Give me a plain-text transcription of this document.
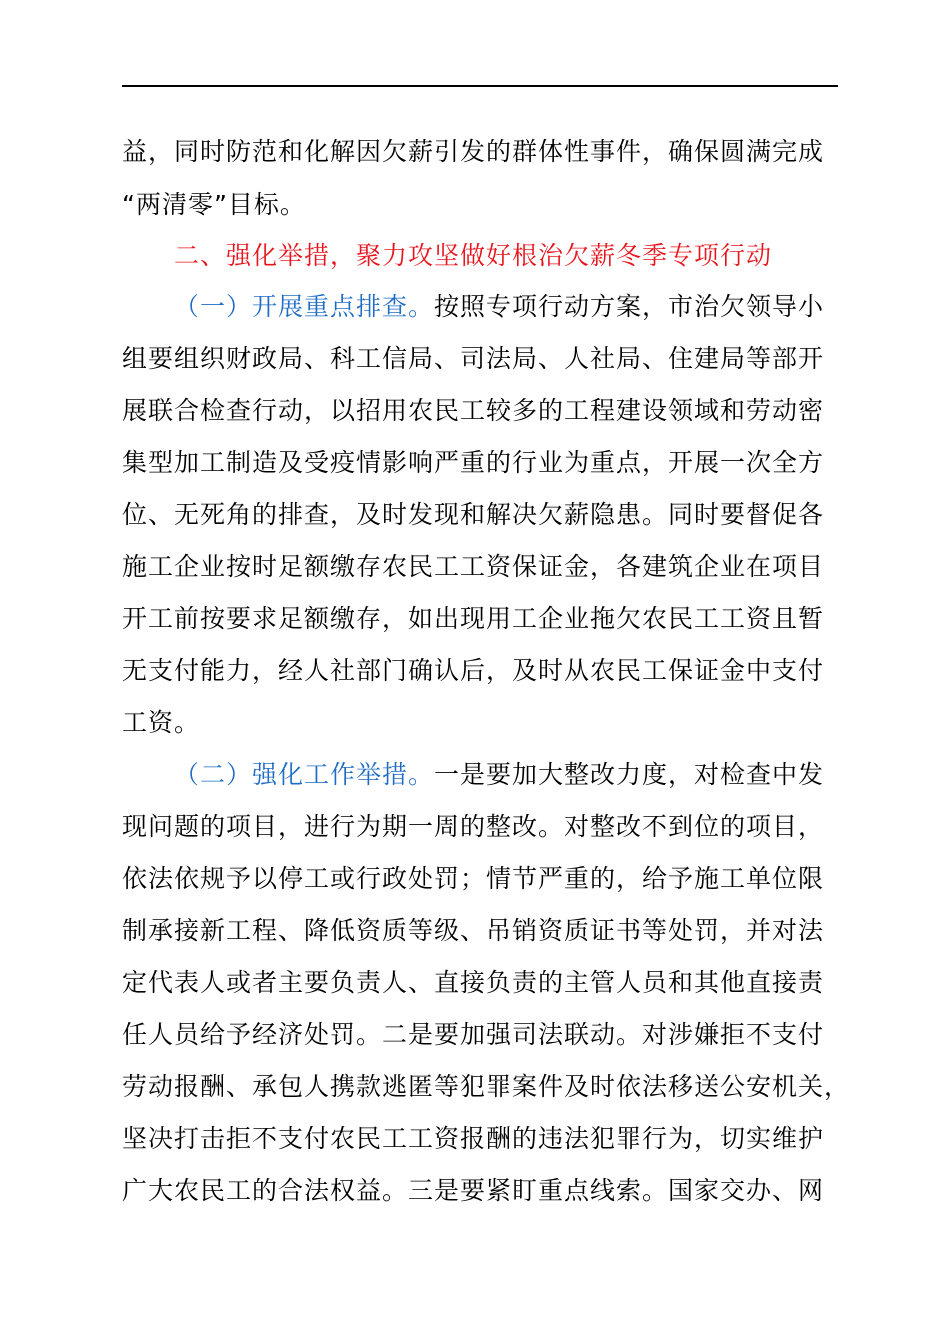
益，同时防范和化解因欠薪引发的群体性事件，确保圆满完成
“两清零”目标。
二、强化举措，聚力攻坚做好根治欠薪冬季专项行动
（一）开展重点排查。按照专项行动方案，市治欠领导小
组要组织财政局、科工信局、司法局、人社局、住建局等部开
展联合检查行动，以招用农民工较多的工程建设领域和劳动密
集型加工制造及受疫情影响严重的行业为重点，开展一次全方
位、无死角的排查，及时发现和解决欠薪隐患。同时要督促各
施工企业按时足额缴存农民工工资保证金，各建筑企业在项目
开工前按要求足额缴存，如出现用工企业拖欠农民工工资且暂
无支付能力，经人社部门确认后，及时从农民工保证金中支付
工资。
（二）强化工作举措。一是要加大整改力度，对检查中发
现问题的项目，进行为期一周的整改。对整改不到位的项目，
依法依规予以停工或行政处罚；情节严重的，给予施工单位限
制承接新工程、降低资质等级、吊销资质证书等处罚，并对法
定代表人或者主要负责人、直接负责的主管人员和其他直接责
任人员给予经济处罚。二是要加强司法联动。对涉嫌拒不支付
劳动报酬、承包人携款逃匿等犯罪案件及时依法移送公安机关，
坚决打击拒不支付农民工工资报酬的违法犯罪行为，切实维护
广大农民工的合法权益。三是要紧盯重点线索。国家交办、网
